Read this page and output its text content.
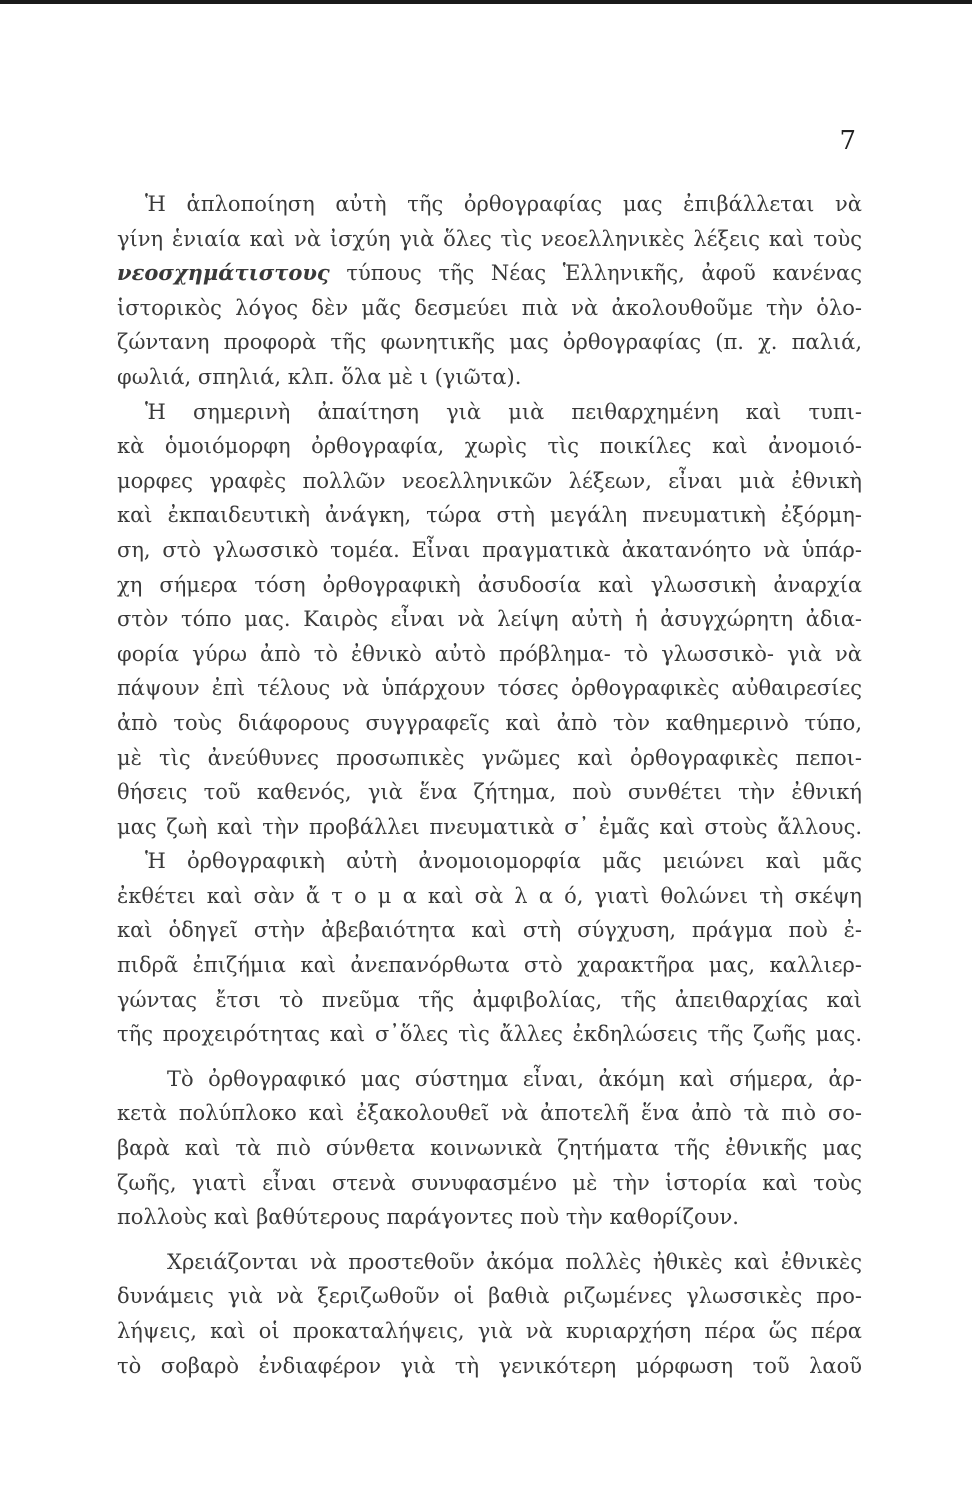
7
Ἡ ἁπλοποίηση αὐτὴ τῆς ὀρθογραφίας μας ἐπιβάλλεται νὰ
γίνη ἑνιαία καὶ νὰ ἰσχύη γιὰ ὅλες τὶς νεοελληνικὲς λέξεις καὶ τοὺς
νεοσχημάτιστους τύπους τῆς Νέας Ἑλληνικῆς, ἀφοῦ κανένας
ἱστορικὸς λόγος δὲν μᾶς δεσμεύει πιὰ νὰ ἀκολουθοῦμε τὴν ὁλο-
ζώντανη προφορὰ τῆς φωνητικῆς μας ὀρθογραφίας (π. χ. παλιά,
φωλιά, σπηλιά, κλπ. ὅλα μὲ ι (γιῶτα).
Ἡ σημερινὴ ἀπαίτηση γιὰ μιὰ πειθαρχημένη καὶ τυπι-
κὰ ὁμοιόμορφη ὀρθογραφία, χωρὶς τὶς ποικίλες καὶ ἀνομοιό-
μορφες γραφὲς πολλῶν νεοελληνικῶν λέξεων, εἶναι μιὰ ἐθνικὴ
καὶ ἐκπαιδευτικὴ ἀνάγκη, τώρα στὴ μεγάλη πνευματικὴ ἐξόρμη-
ση, στὸ γλωσσικὸ τομέα. Εἶναι πραγματικὰ ἀκατανόητο νὰ ὑπάρ-
χη σήμερα τόση ὀρθογραφικὴ ἀσυδοσία καὶ γλωσσικὴ ἀναρχία
στὸν τόπο μας. Καιρὸς εἶναι νὰ λείψη αὐτὴ ἡ ἀσυγχώρητη ἀδια-
φορία γύρω ἀπὸ τὸ ἐθνικὸ αὐτὸ πρόβλημα- τὸ γλωσσικὸ- γιὰ νὰ
πάψουν ἐπὶ τέλους νὰ ὑπάρχουν τόσες ὀρθογραφικὲς αὐθαιρεσίες
ἀπὸ τοὺς διάφορους συγγραφεῖς καὶ ἀπὸ τὸν καθημερινὸ τύπο,
μὲ τὶς ἀνεύθυνες προσωπικὲς γνῶμες καὶ ὀρθογραφικὲς πεποι-
θήσεις τοῦ καθενός, γιὰ ἕνα ζήτημα, ποὺ συνθέτει τὴν ἐθνική
μας ζωὴ καὶ τὴν προβάλλει πνευματικὰ σ᾽ ἐμᾶς καὶ στοὺς ἄλλους.
Ἡ ὀρθογραφικὴ αὐτὴ ἀνομοιομορφία μᾶς μειώνει καὶ μᾶς
ἐκθέτει καὶ σὰν ἄ τ ο μ α καὶ σὰ λ α ό, γιατὶ θολώνει τὴ σκέψη
καὶ ὁδηγεῖ στὴν ἀβεβαιότητα καὶ στὴ σύγχυση, πράγμα ποὺ ἐ-
πιδρᾶ ἐπιζήμια καὶ ἀνεπανόρθωτα στὸ χαρακτῆρα μας, καλλιερ-
γώντας ἔτσι τὸ πνεῦμα τῆς ἀμφιβολίας, τῆς ἀπειθαρχίας καὶ
τῆς προχειρότητας καὶ σ᾽ὅλες τὶς ἄλλες ἐκδηλώσεις τῆς ζωῆς μας.
Τὸ ὀρθογραφικό μας σύστημα εἶναι, ἀκόμη καὶ σήμερα, ἀρ-
κετὰ πολύπλοκο καὶ ἐξακολουθεῖ νὰ ἀποτελῆ ἕνα ἀπὸ τὰ πιὸ σο-
βαρὰ καὶ τὰ πιὸ σύνθετα κοινωνικὰ ζητήματα τῆς ἐθνικῆς μας
ζωῆς, γιατὶ εἶναι στενὰ συνυφασμένο μὲ τὴν ἱστορία καὶ τοὺς
πολλοὺς καὶ βαθύτερους παράγοντες ποὺ τὴν καθορίζουν.
Χρειάζονται νὰ προστεθοῦν ἀκόμα πολλὲς ἠθικὲς καὶ ἐθνικὲς
δυνάμεις γιὰ νὰ ξεριζωθοῦν οἱ βαθιὰ ριζωμένες γλωσσικὲς προ-
λήψεις, καὶ οἱ προκαταλήψεις, γιὰ νὰ κυριαρχήση πέρα ὥς πέρα
τὸ σοβαρὸ ἐνδιαφέρον γιὰ τὴ γενικότερη μόρφωση τοῦ λαοῦ
